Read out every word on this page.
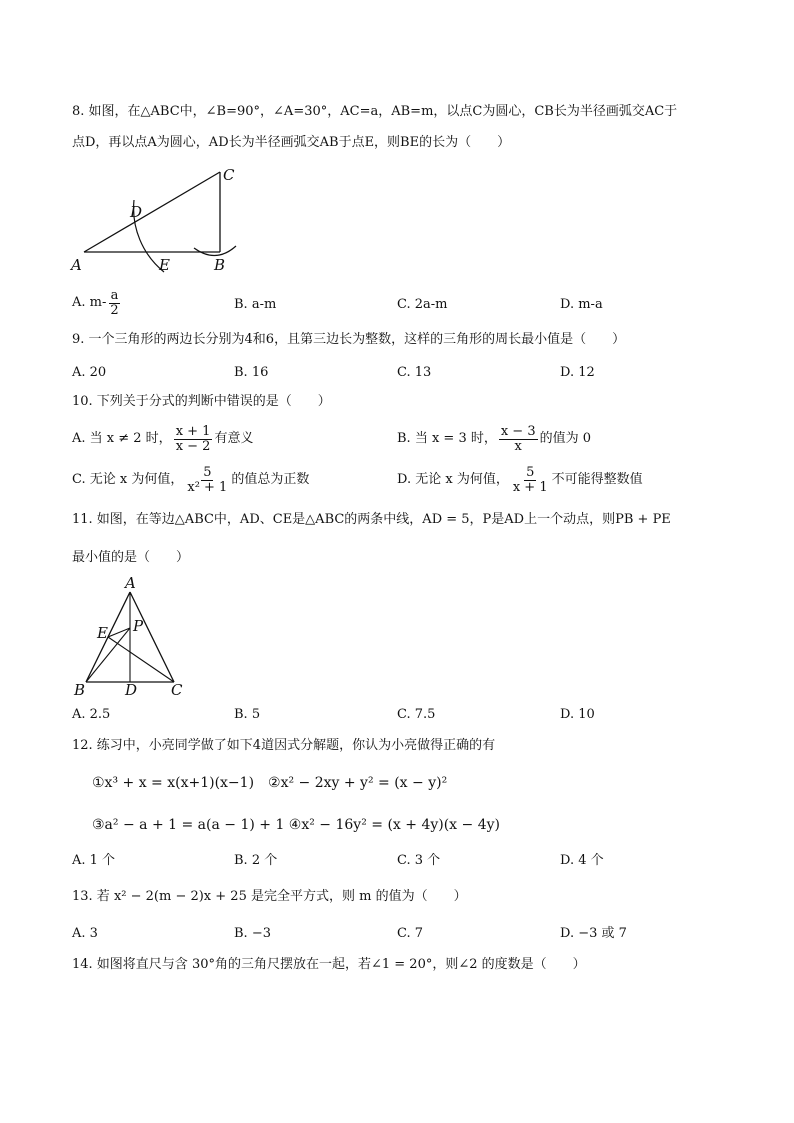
8. 如图，在△ABC中，∠B=90°，∠A=30°，AC=a，AB=m，以点C为圆心，CB长为半径画弧交AC于
点D，再以点A为圆心，AD长为半径画弧交AB于点E，则BE的长为（　　）
A	B
C
D
E
A. $m- \frac{a}{2}$	B. a-m	C. 2a-m	D. m-a
9. 一个三角形的两边长分别为4和6，且第三边长为整数，这样的三角形的周长最小值是（　　）
A. 20	B. 16	C. 13	D. 12
10. 下列关于分式的判断中错误的是（　　）
A. 当 x ≠ 2 时， $\frac{x + 1}{x - 2}$ 有意义	B. 当 x = 3 时， $\frac{x - 3}{x}$ 的值为 0
C. 无论 x 为何值， $\frac{5}{\text{x² + 1}}$ 的值总为正数	D. 无论 x 为何值， $\frac{5}{x + 1}$ 不可能得整数值
11. 如图，在等边△ABC中，AD、CE是△ABC的两条中线，AD = 5，P是AD上一个动点，则PB + PE
最小值的是（　　）
A
B	C
D
E P
A. 2.5	B. 5	C. 7.5	D. 10
12. 练习中，小亮同学做了如下4道因式分解题，你认为小亮做得正确的有
①x³ + x = x(x+1)(x−1)　②x² − 2xy + y² = (x − y)²
③a² − a + 1 = a(a − 1) + 1 ④x² − 16y² = (x + 4y)(x − 4y)
A. 1 个	B. 2 个	C. 3 个	D. 4 个
13. 若 x² − 2(m − 2)x + 25 是完全平方式，则 m 的值为（　　）
A. 3	B. −3	C. 7	D. −3 或 7
14. 如图将直尺与含 30°角的三角尺摆放在一起，若∠1 = 20°，则∠2 的度数是（　　）
